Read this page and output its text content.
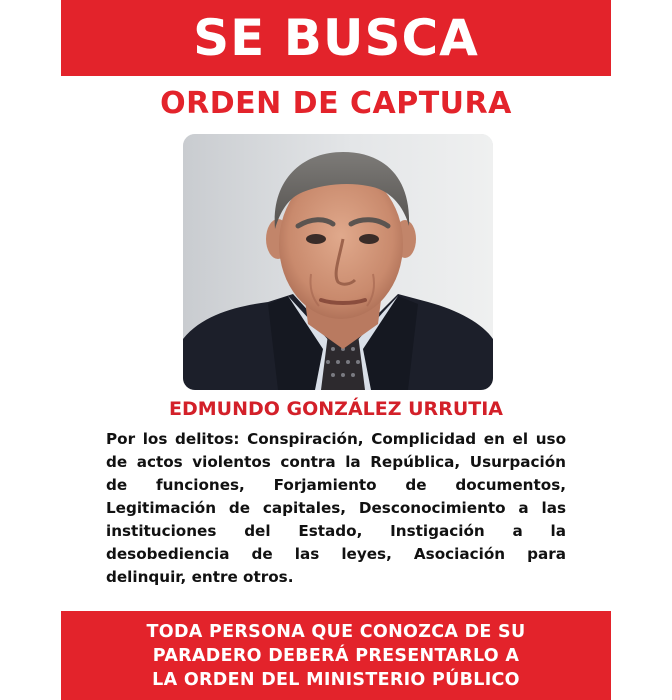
SE BUSCA
ORDEN DE CAPTURA
EDMUNDO GONZÁLEZ URRUTIA
Por los delitos: Conspiración, Complicidad en el uso de actos violentos contra la República, Usurpación de funciones, Forjamiento de documentos, Legitimación de capitales, Desconocimiento a las instituciones del Estado, Instigación a la desobediencia de las leyes, Asociación para delinquir, entre otros.
TODA PERSONA QUE CONOZCA DE SU
PARADERO DEBERÁ PRESENTARLO A
LA ORDEN DEL MINISTERIO PÚBLICO
